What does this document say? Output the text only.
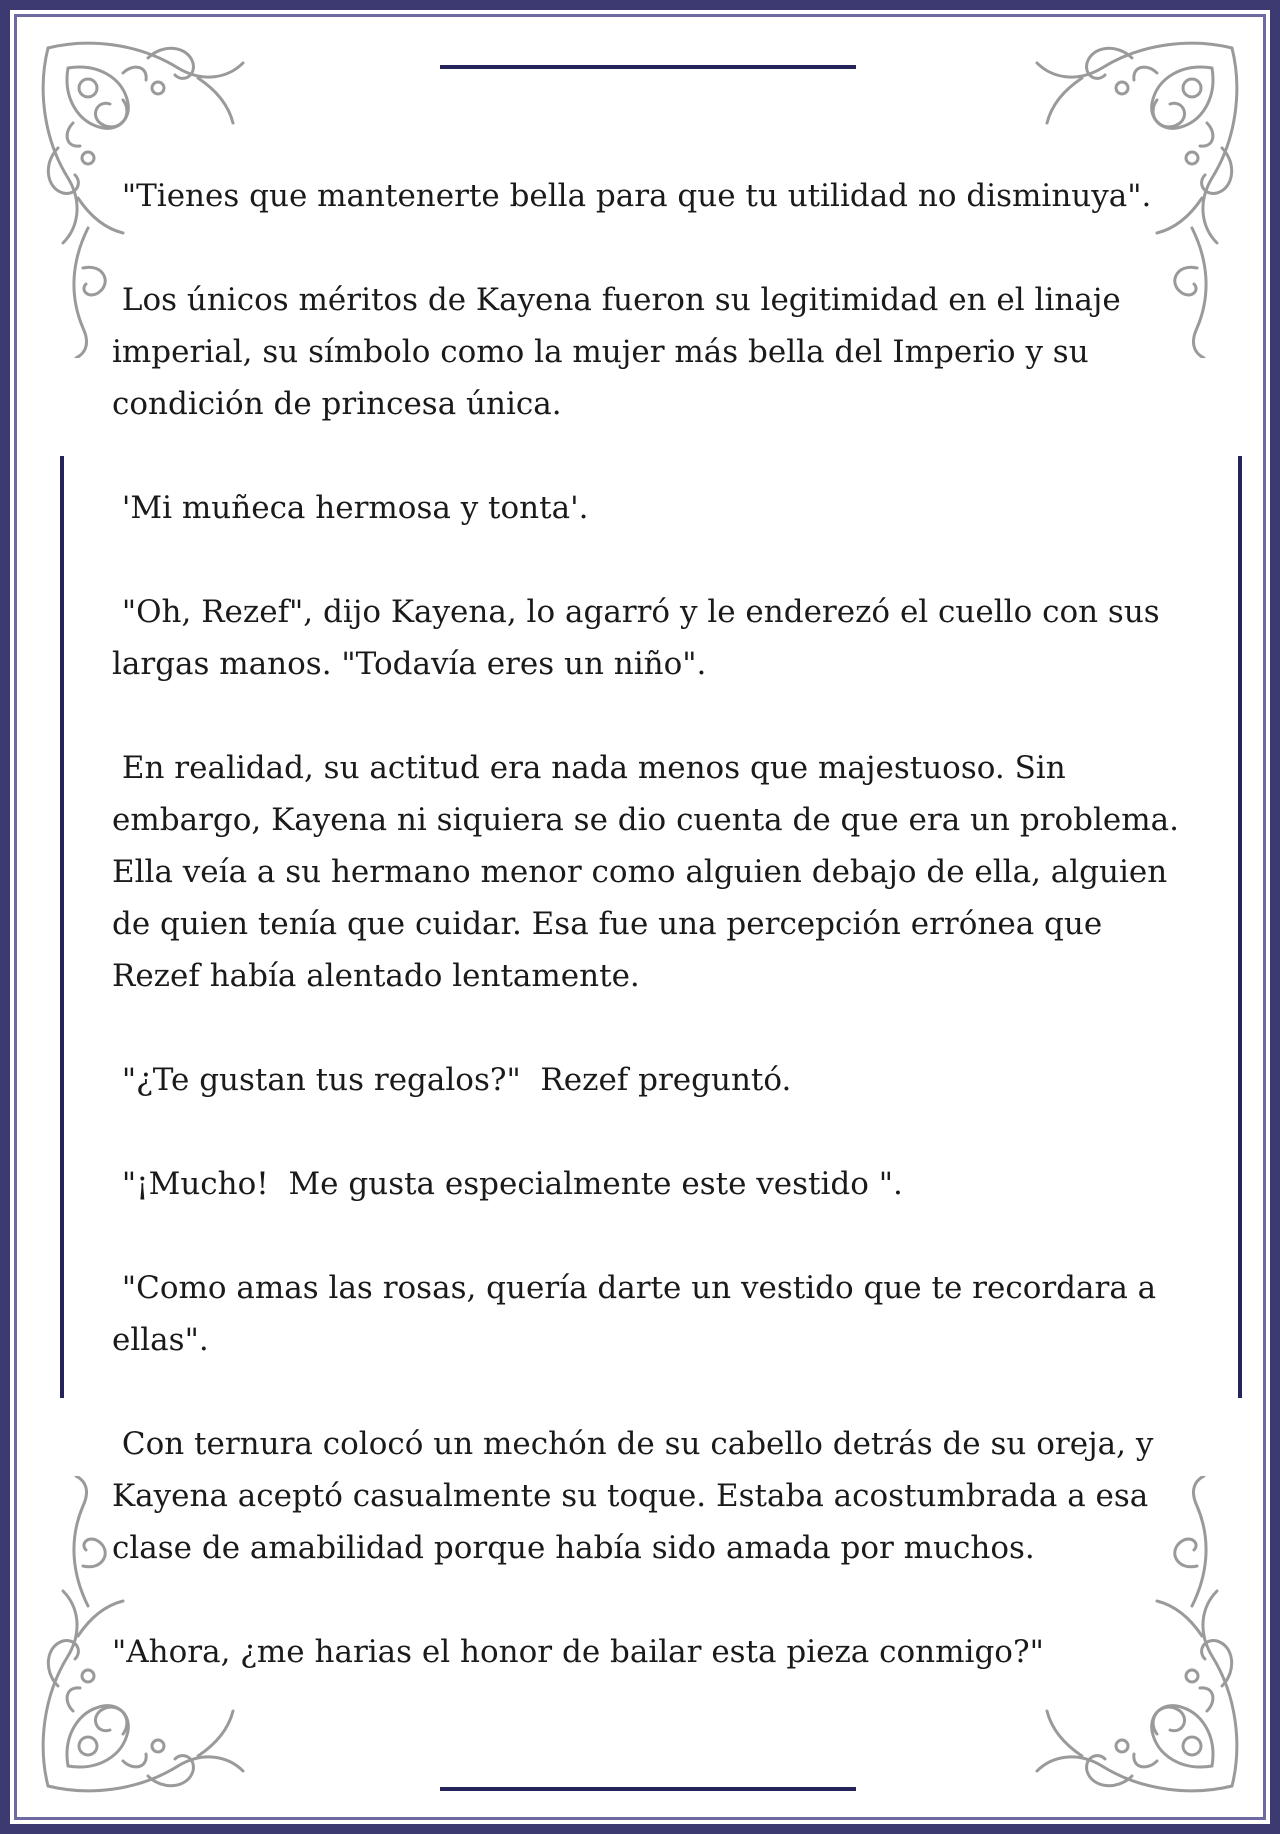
"Tienes que mantenerte bella para que tu utilidad no disminuya".

Los únicos méritos de Kayena fueron su legitimidad en el linaje imperial, su símbolo como la mujer más bella del Imperio y su condición de princesa única.

'Mi muñeca hermosa y tonta'.

"Oh, Rezef", dijo Kayena, lo agarró y le enderezó el cuello con sus largas manos. "Todavía eres un niño".

En realidad, su actitud era nada menos que majestuoso. Sin embargo, Kayena ni siquiera se dio cuenta de que era un problema.  Ella veía a su hermano menor como alguien debajo de ella, alguien de quien tenía que cuidar. Esa fue una percepción errónea que Rezef había alentado lentamente.

"¿Te gustan tus regalos?"  Rezef preguntó.

"¡Mucho!  Me gusta especialmente este vestido ".

"Como amas las rosas, quería darte un vestido que te recordara a ellas".

Con ternura colocó un mechón de su cabello detrás de su oreja, y Kayena aceptó casualmente su toque. Estaba acostumbrada a esa clase de amabilidad porque había sido amada por muchos.

"Ahora, ¿me harias el honor de bailar esta pieza conmigo?"
